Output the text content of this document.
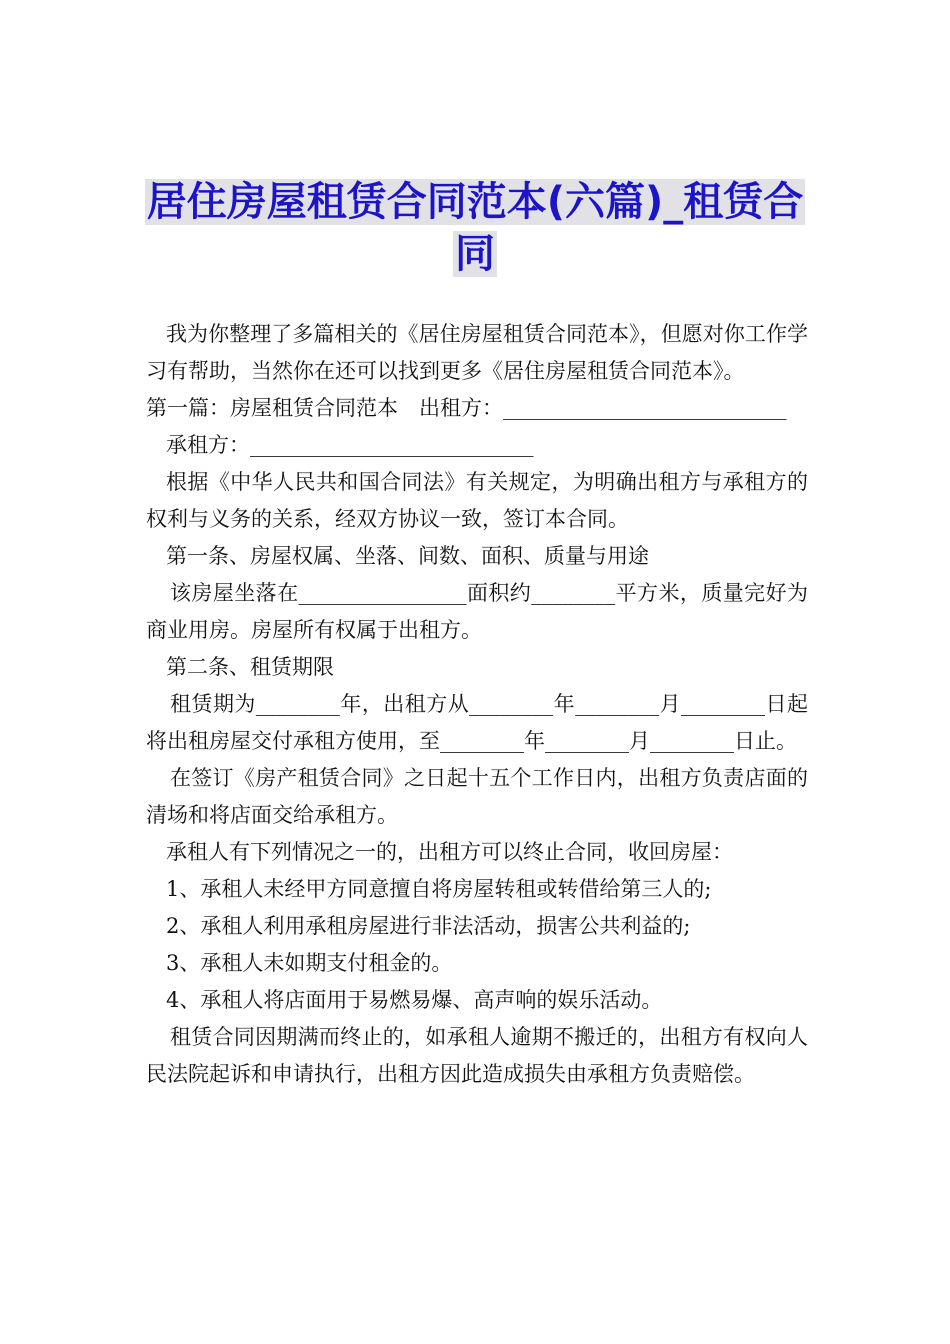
居住房屋租赁合同范本(六篇)_租赁合
同

我为你整理了多篇相关的《居住房屋租赁合同范本》，但愿对你工作学习有帮助，当然你在还可以找到更多《居住房屋租赁合同范本》。

第一篇：房屋租赁合同范本　出租方：___________________________

承租方：___________________________

根据《中华人民共和国合同法》有关规定，为明确出租方与承租方的权利与义务的关系，经双方协议一致，签订本合同。

第一条、房屋权属、坐落、间数、面积、质量与用途

该房屋坐落在________________面积约________平方米，质量完好为商业用房。房屋所有权属于出租方。

第二条、租赁期限

租赁期为________年，出租方从________年________月________日起将出租房屋交付承租方使用，至________年________月________日止。

在签订《房产租赁合同》之日起十五个工作日内，出租方负责店面的清场和将店面交给承租方。

承租人有下列情况之一的，出租方可以终止合同，收回房屋：

1、承租人未经甲方同意擅自将房屋转租或转借给第三人的;

2、承租人利用承租房屋进行非法活动，损害公共利益的;

3、承租人未如期支付租金的。

4、承租人将店面用于易燃易爆、高声响的娱乐活动。

租赁合同因期满而终止的，如承租人逾期不搬迁的，出租方有权向人民法院起诉和申请执行，出租方因此造成损失由承租方负责赔偿。
